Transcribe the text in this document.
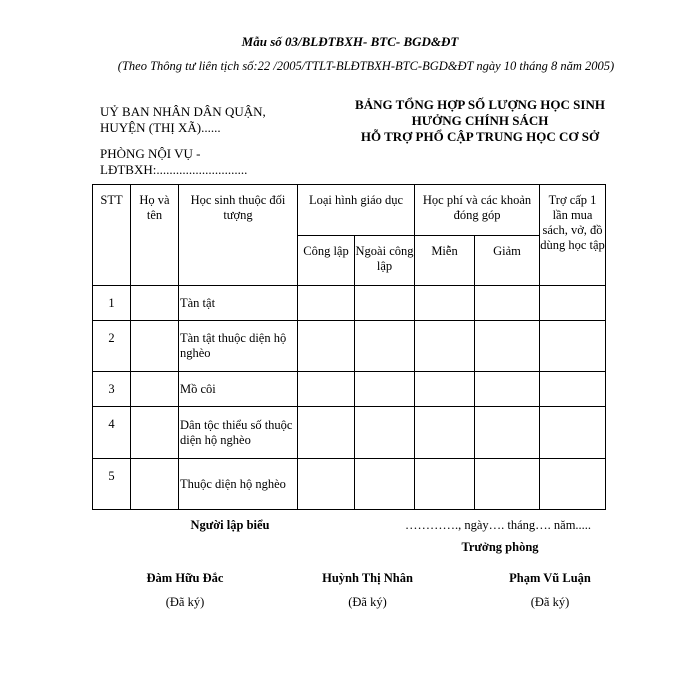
Mẫu số 03/BLĐTBXH- BTC- BGD&ĐT
(Theo Thông tư liên tịch số:22 /2005/TTLT-BLĐTBXH-BTC-BGD&ĐT ngày 10 tháng 8 năm 2005)
UỶ BAN NHÂN DÂN QUẬN,
HUYỆN (THỊ XÃ)......
PHÒNG NỘI VỤ -
LĐTBXH:............................
BẢNG TỔNG HỢP SỐ LƯỢNG HỌC SINH
HƯỞNG CHÍNH SÁCH
HỖ TRỢ PHỔ CẬP TRUNG HỌC CƠ SỞ
STT	Họ và tên	Học sinh thuộc đối tượng	Loại hình giáo dục		Học phí và các khoản đóng góp		Trợ cấp 1 lần mua sách, vở, đồ dùng học tập
			Công lập	Ngoài công lập	Miễn	Giảm	
1		Tàn tật					
2		Tàn tật thuộc diện hộ nghèo					
3		Mồ côi					
4		Dân tộc thiểu số thuộc diện hộ nghèo					
5		Thuộc diện hộ nghèo					
Người lập biểu	…………., ngày…. tháng…. năm.....
Trưởng phòng
Đàm Hữu Đắc	Huỳnh Thị Nhân	Phạm Vũ Luận
(Đã ký)	(Đã ký)	(Đã ký)
